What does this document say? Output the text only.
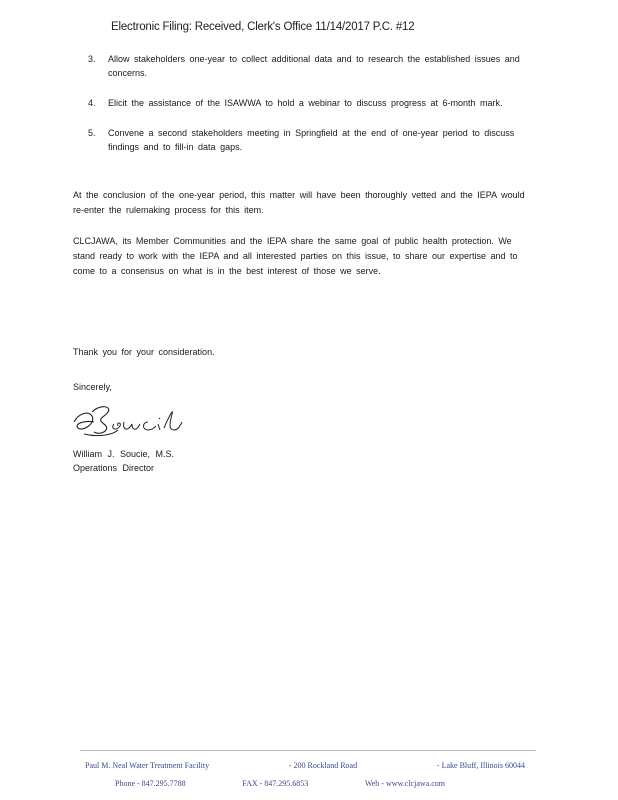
Electronic Filing: Received, Clerk's Office 11/14/2017 P.C. #12
3.	Allow stakeholders one-year to collect additional data and to research the established issues and concerns.
4.	Elicit the assistance of the ISAWWA to hold a webinar to discuss progress at 6-month mark.
5.	Convene a second stakeholders meeting in Springfield at the end of one-year period to discuss findings and to fill-in data gaps.

At the conclusion of the one-year period, this matter will have been thoroughly vetted and the IEPA would re-enter the rulemaking process for this item.

CLCJAWA, its Member Communities and the IEPA share the same goal of public health protection. We stand ready to work with the IEPA and all interested parties on this issue, to share our expertise and to come to a consensus on what is in the best interest of those we serve.

Thank you for your consideration.

Sincerely,

William J. Soucie, M.S.
Operations Director
Paul M. Neal Water Treatment Facility	- 200 Rockland Road	- Lake Bluff, Illinois 60044
Phone - 847.295.7788	FAX - 847.295.6853	Web - www.clcjawa.com
